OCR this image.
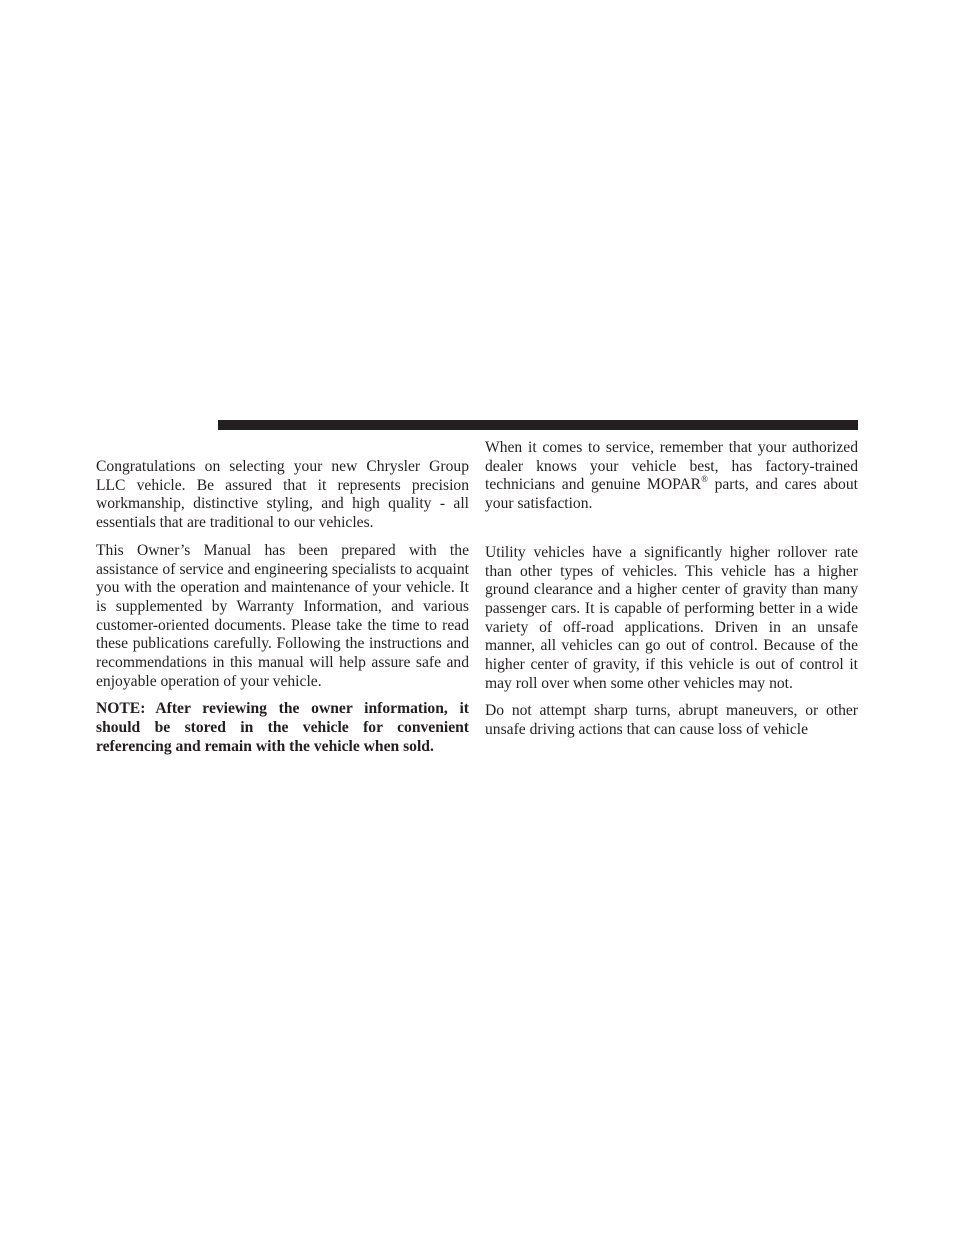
Congratulations on selecting your new Chrysler Group LLC vehicle. Be assured that it represents precision workmanship, distinctive styling, and high quality - all essentials that are traditional to our vehicles.

This Owner’s Manual has been prepared with the assistance of service and engineering specialists to acquaint you with the operation and maintenance of your vehicle. It is supplemented by Warranty Information, and various customer-oriented documents. Please take the time to read these publications carefully. Following the instructions and recommendations in this manual will help assure safe and enjoyable operation of your vehicle.

NOTE: After reviewing the owner information, it should be stored in the vehicle for convenient referencing and remain with the vehicle when sold.

When it comes to service, remember that your authorized dealer knows your vehicle best, has factory-trained technicians and genuine MOPAR® parts, and cares about your satisfaction.

Utility vehicles have a significantly higher rollover rate than other types of vehicles. This vehicle has a higher ground clearance and a higher center of gravity than many passenger cars. It is capable of performing better in a wide variety of off-road applications. Driven in an unsafe manner, all vehicles can go out of control. Because of the higher center of gravity, if this vehicle is out of control it may roll over when some other vehicles may not.

Do not attempt sharp turns, abrupt maneuvers, or other unsafe driving actions that can cause loss of vehicle
